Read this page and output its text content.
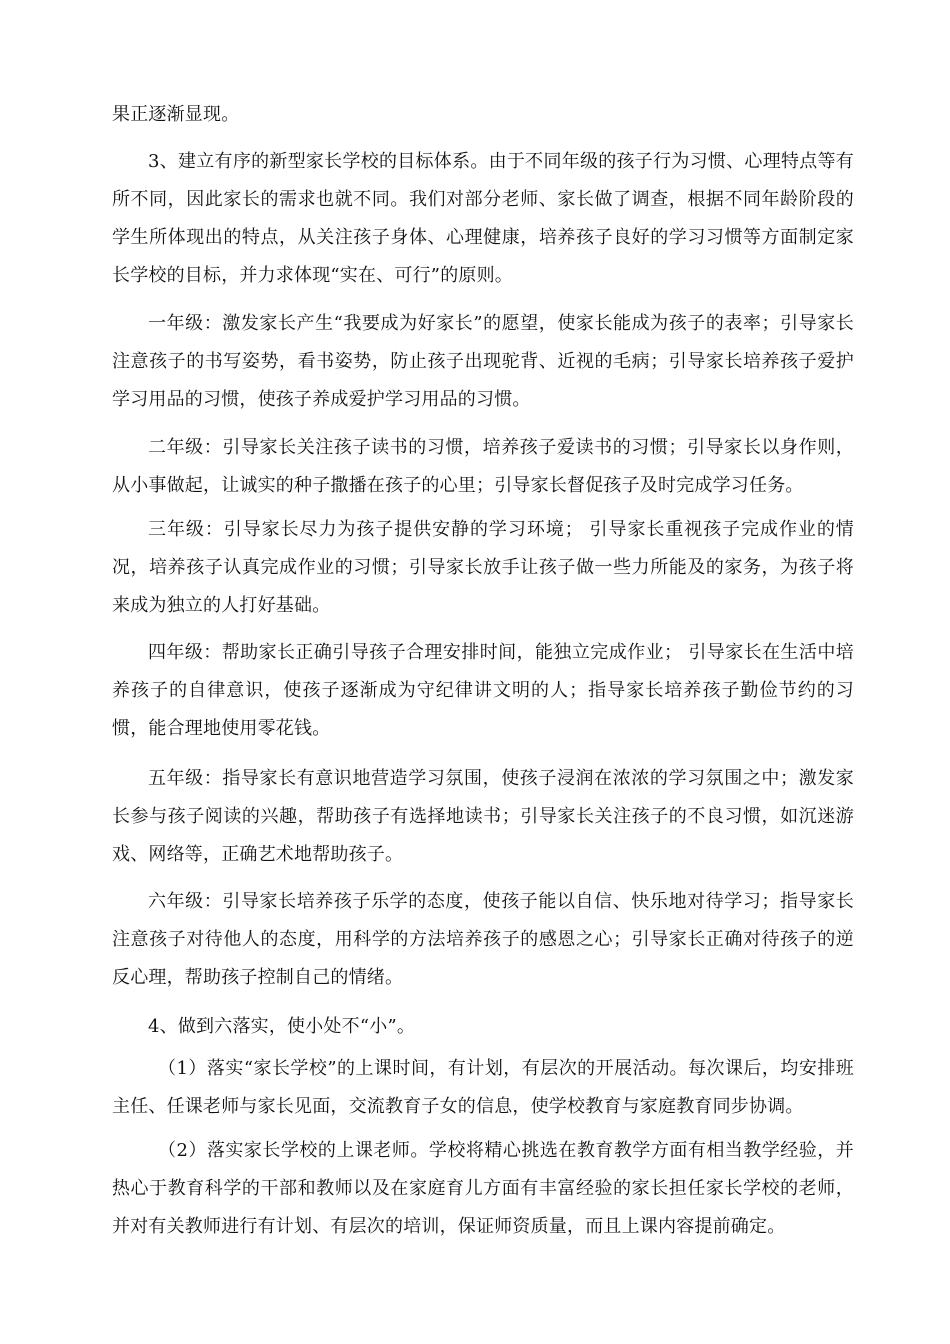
果正逐渐显现。

3、建立有序的新型家长学校的目标体系。由于不同年级的孩子行为习惯、心理特点等有所不同，因此家长的需求也就不同。我们对部分老师、家长做了调查，根据不同年龄阶段的学生所体现出的特点，从关注孩子身体、心理健康，培养孩子良好的学习习惯等方面制定家长学校的目标，并力求体现“实在、可行”的原则。

一年级：激发家长产生“我要成为好家长”的愿望，使家长能成为孩子的表率；引导家长注意孩子的书写姿势，看书姿势，防止孩子出现驼背、近视的毛病；引导家长培养孩子爱护学习用品的习惯，使孩子养成爱护学习用品的习惯。

二年级：引导家长关注孩子读书的习惯，培养孩子爱读书的习惯；引导家长以身作则，从小事做起，让诚实的种子撒播在孩子的心里；引导家长督促孩子及时完成学习任务。

三年级：引导家长尽力为孩子提供安静的学习环境； 引导家长重视孩子完成作业的情况，培养孩子认真完成作业的习惯；引导家长放手让孩子做一些力所能及的家务，为孩子将来成为独立的人打好基础。

四年级：帮助家长正确引导孩子合理安排时间，能独立完成作业； 引导家长在生活中培养孩子的自律意识，使孩子逐渐成为守纪律讲文明的人；指导家长培养孩子勤俭节约的习惯，能合理地使用零花钱。

五年级：指导家长有意识地营造学习氛围，使孩子浸润在浓浓的学习氛围之中；激发家长参与孩子阅读的兴趣，帮助孩子有选择地读书；引导家长关注孩子的不良习惯，如沉迷游戏、网络等，正确艺术地帮助孩子。

六年级：引导家长培养孩子乐学的态度，使孩子能以自信、快乐地对待学习；指导家长注意孩子对待他人的态度，用科学的方法培养孩子的感恩之心；引导家长正确对待孩子的逆反心理，帮助孩子控制自己的情绪。

4、做到六落实，使小处不“小”。

（1）落实“家长学校”的上课时间，有计划，有层次的开展活动。每次课后，均安排班主任、任课老师与家长见面，交流教育子女的信息，使学校教育与家庭教育同步协调。

（2）落实家长学校的上课老师。学校将精心挑选在教育教学方面有相当教学经验，并热心于教育科学的干部和教师以及在家庭育儿方面有丰富经验的家长担任家长学校的老师，并对有关教师进行有计划、有层次的培训，保证师资质量，而且上课内容提前确定。
